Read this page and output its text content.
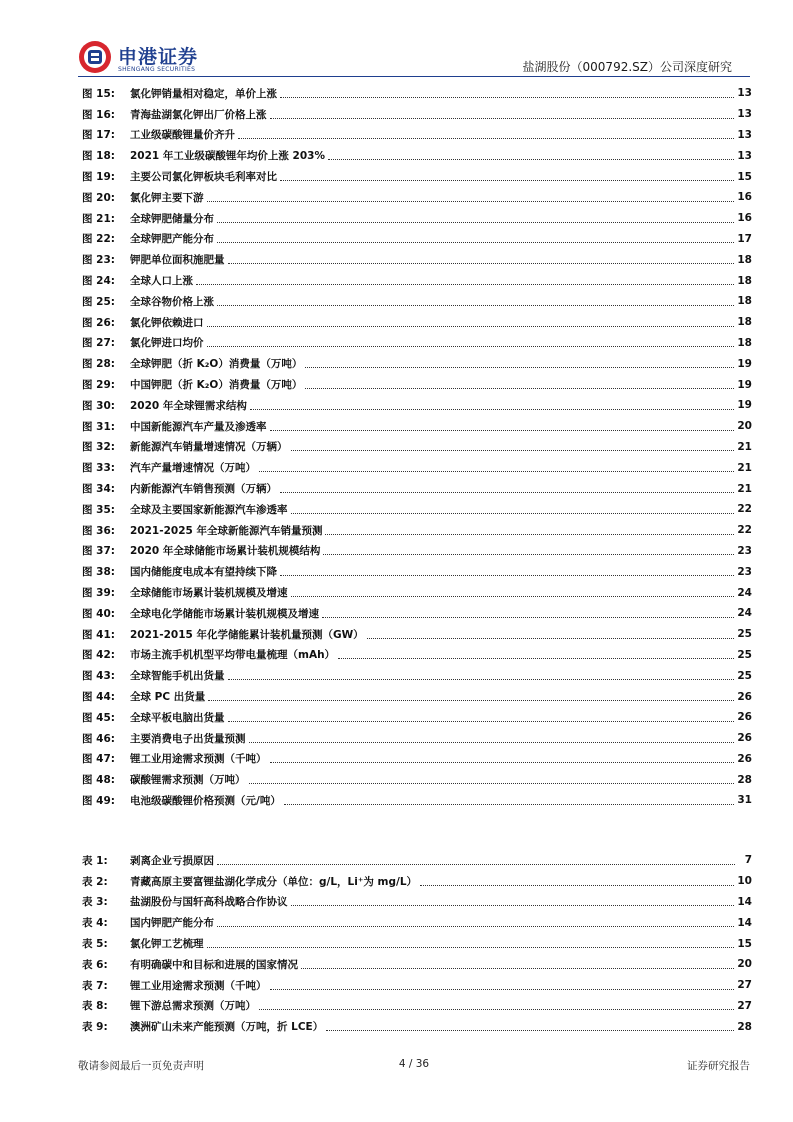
申港证券
SHENGANG SECURITIES	盐湖股份（000792.SZ）公司深度研究
图 15:	氯化钾销量相对稳定，单价上涨	13
图 16:	青海盐湖氯化钾出厂价格上涨	13
图 17:	工业级碳酸锂量价齐升	13
图 18:	2021 年工业级碳酸锂年均价上涨 203%	13
图 19:	主要公司氯化钾板块毛利率对比	15
图 20:	氯化钾主要下游	16
图 21:	全球钾肥储量分布	16
图 22:	全球钾肥产能分布	17
图 23:	钾肥单位面积施肥量	18
图 24:	全球人口上涨	18
图 25:	全球谷物价格上涨	18
图 26:	氯化钾依赖进口	18
图 27:	氯化钾进口均价	18
图 28:	全球钾肥（折 K₂O）消费量（万吨）	19
图 29:	中国钾肥（折 K₂O）消费量（万吨）	19
图 30:	2020 年全球锂需求结构	19
图 31:	中国新能源汽车产量及渗透率	20
图 32:	新能源汽车销量增速情况（万辆）	21
图 33:	汽车产量增速情况（万吨）	21
图 34:	内新能源汽车销售预测（万辆）	21
图 35:	全球及主要国家新能源汽车渗透率	22
图 36:	2021-2025 年全球新能源汽车销量预测	22
图 37:	2020 年全球储能市场累计装机规模结构	23
图 38:	国内储能度电成本有望持续下降	23
图 39:	全球储能市场累计装机规模及增速	24
图 40:	全球电化学储能市场累计装机规模及增速	24
图 41:	2021-2015 年化学储能累计装机量预测（GW）	25
图 42:	市场主流手机机型平均带电量梳理（mAh）	25
图 43:	全球智能手机出货量	25
图 44:	全球 PC 出货量	26
图 45:	全球平板电脑出货量	26
图 46:	主要消费电子出货量预测	26
图 47:	锂工业用途需求预测（千吨）	26
图 48:	碳酸锂需求预测（万吨）	28
图 49:	电池级碳酸锂价格预测（元/吨）	31
表 1:	剥离企业亏损原因	7
表 2:	青藏高原主要富锂盐湖化学成分（单位：g/L，Li⁺为 mg/L）	10
表 3:	盐湖股份与国轩高科战略合作协议	14
表 4:	国内钾肥产能分布	14
表 5:	氯化钾工艺梳理	15
表 6:	有明确碳中和目标和进展的国家情况	20
表 7:	锂工业用途需求预测（千吨）	27
表 8:	锂下游总需求预测（万吨）	27
表 9:	澳洲矿山未来产能预测（万吨，折 LCE）	28
敬请参阅最后一页免责声明	4 / 36	证券研究报告
